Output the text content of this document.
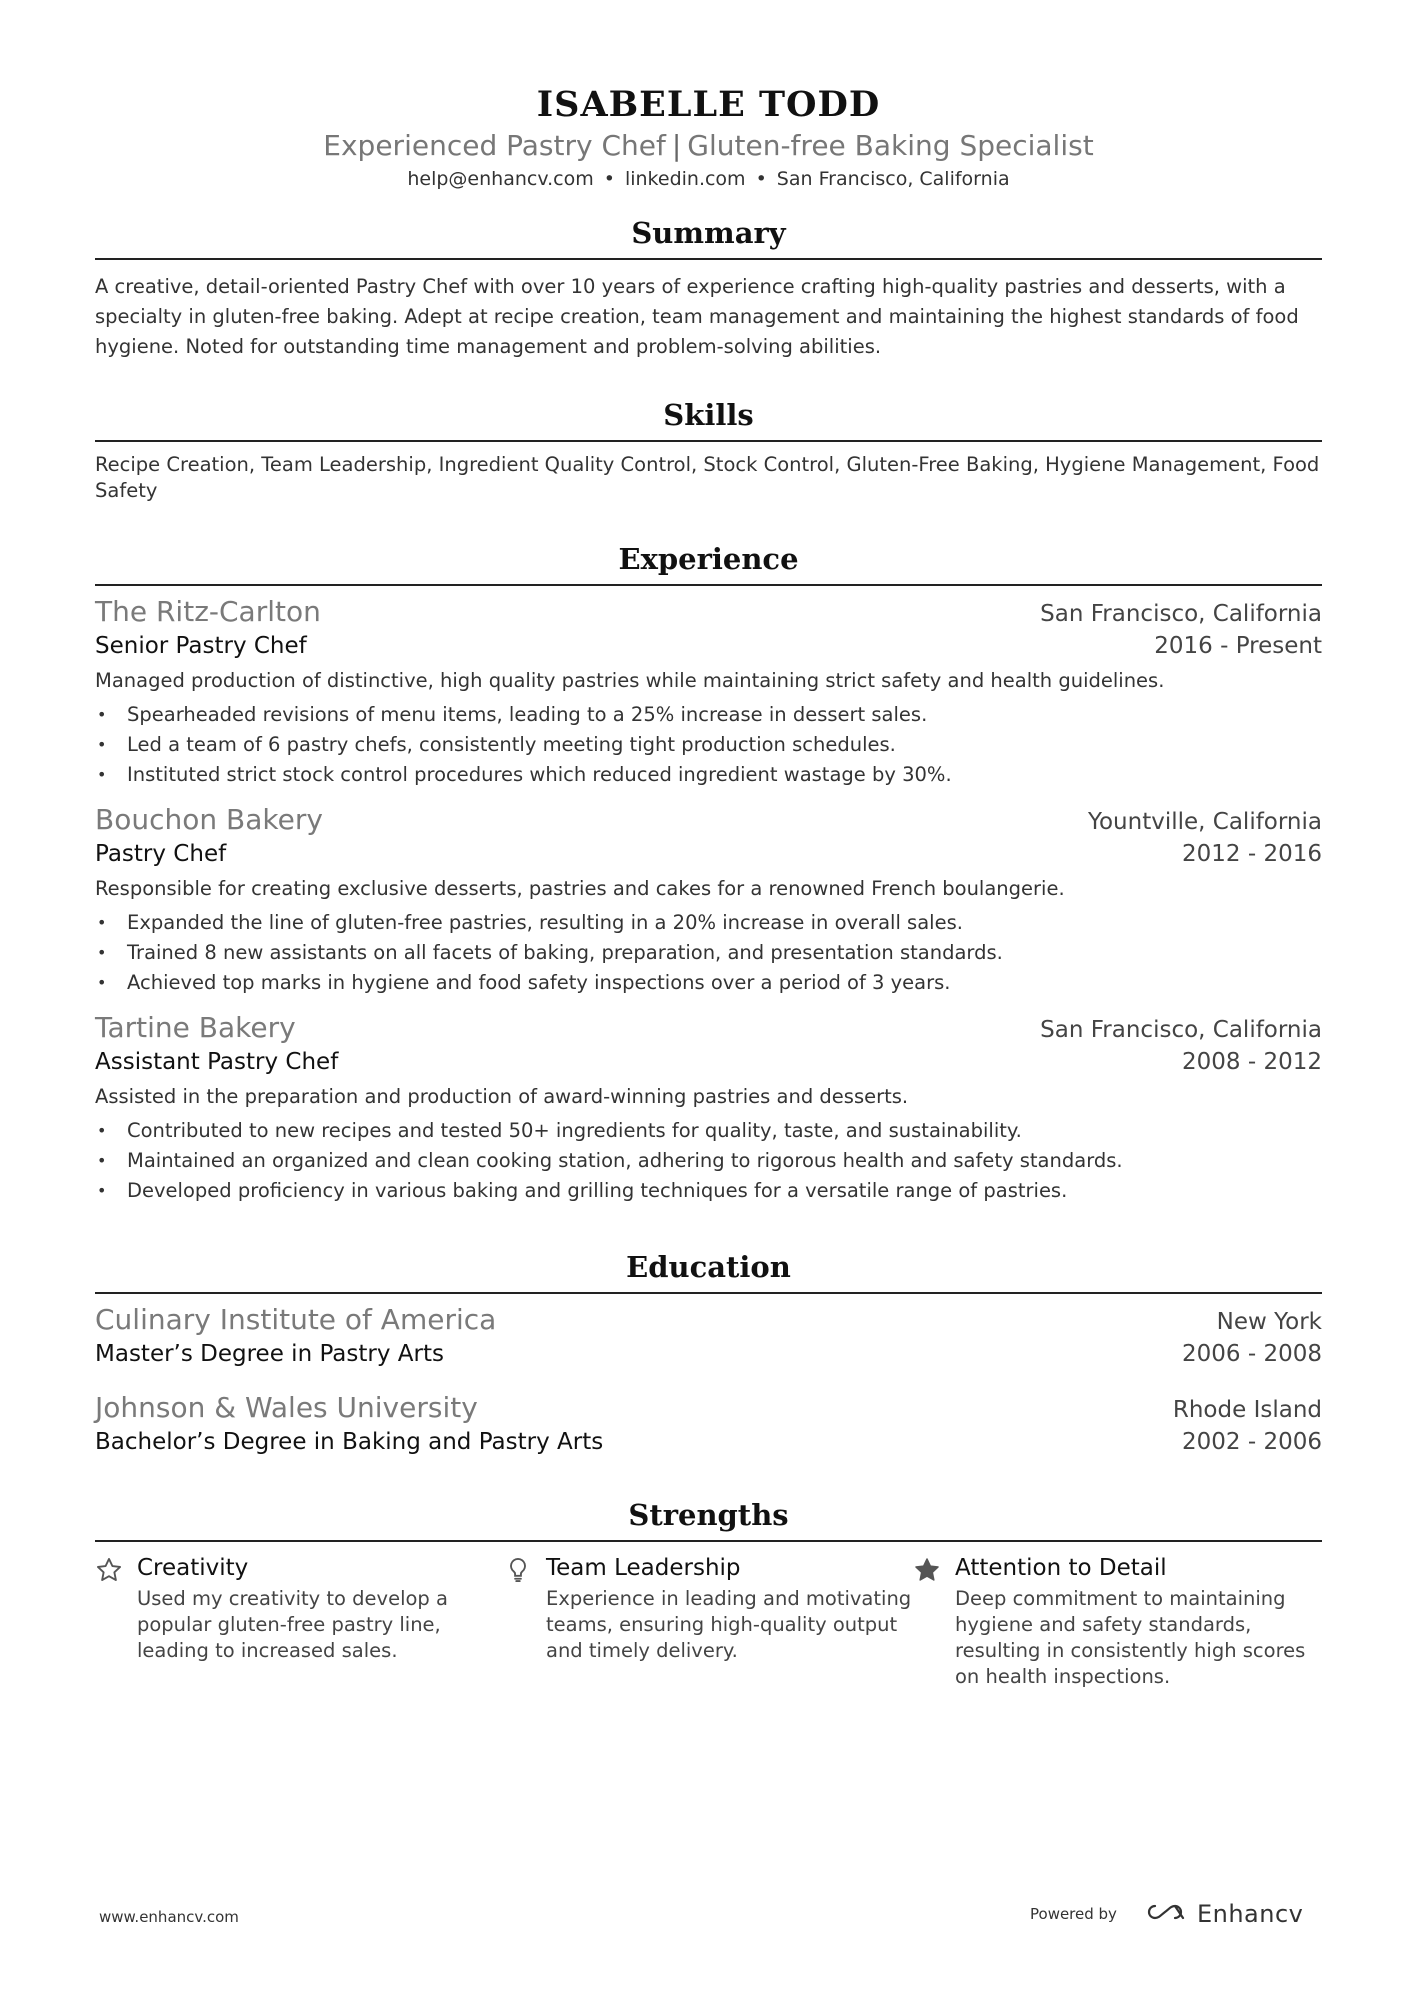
ISABELLE TODD
Experienced Pastry Chef | Gluten-free Baking Specialist
help@enhancv.com • linkedin.com • San Francisco, California
Summary
A creative, detail-oriented Pastry Chef with over 10 years of experience crafting high-quality pastries and desserts, with a specialty in gluten-free baking. Adept at recipe creation, team management and maintaining the highest standards of food hygiene. Noted for outstanding time management and problem-solving abilities.
Skills
Recipe Creation, Team Leadership, Ingredient Quality Control, Stock Control, Gluten-Free Baking, Hygiene Management, Food Safety
Experience
The Ritz-Carlton	San Francisco, California
Senior Pastry Chef	2016 - Present
Managed production of distinctive, high quality pastries while maintaining strict safety and health guidelines.
• Spearheaded revisions of menu items, leading to a 25% increase in dessert sales.
• Led a team of 6 pastry chefs, consistently meeting tight production schedules.
• Instituted strict stock control procedures which reduced ingredient wastage by 30%.
Bouchon Bakery	Yountville, California
Pastry Chef	2012 - 2016
Responsible for creating exclusive desserts, pastries and cakes for a renowned French boulangerie.
• Expanded the line of gluten-free pastries, resulting in a 20% increase in overall sales.
• Trained 8 new assistants on all facets of baking, preparation, and presentation standards.
• Achieved top marks in hygiene and food safety inspections over a period of 3 years.
Tartine Bakery	San Francisco, California
Assistant Pastry Chef	2008 - 2012
Assisted in the preparation and production of award-winning pastries and desserts.
• Contributed to new recipes and tested 50+ ingredients for quality, taste, and sustainability.
• Maintained an organized and clean cooking station, adhering to rigorous health and safety standards.
• Developed proficiency in various baking and grilling techniques for a versatile range of pastries.
Education
Culinary Institute of America	New York
Master’s Degree in Pastry Arts	2006 - 2008
Johnson & Wales University	Rhode Island
Bachelor’s Degree in Baking and Pastry Arts	2002 - 2006
Strengths
Creativity
Used my creativity to develop a popular gluten-free pastry line, leading to increased sales.
Team Leadership
Experience in leading and motivating teams, ensuring high-quality output and timely delivery.
Attention to Detail
Deep commitment to maintaining hygiene and safety standards, resulting in consistently high scores on health inspections.
www.enhancv.com	Powered by	Enhancv
